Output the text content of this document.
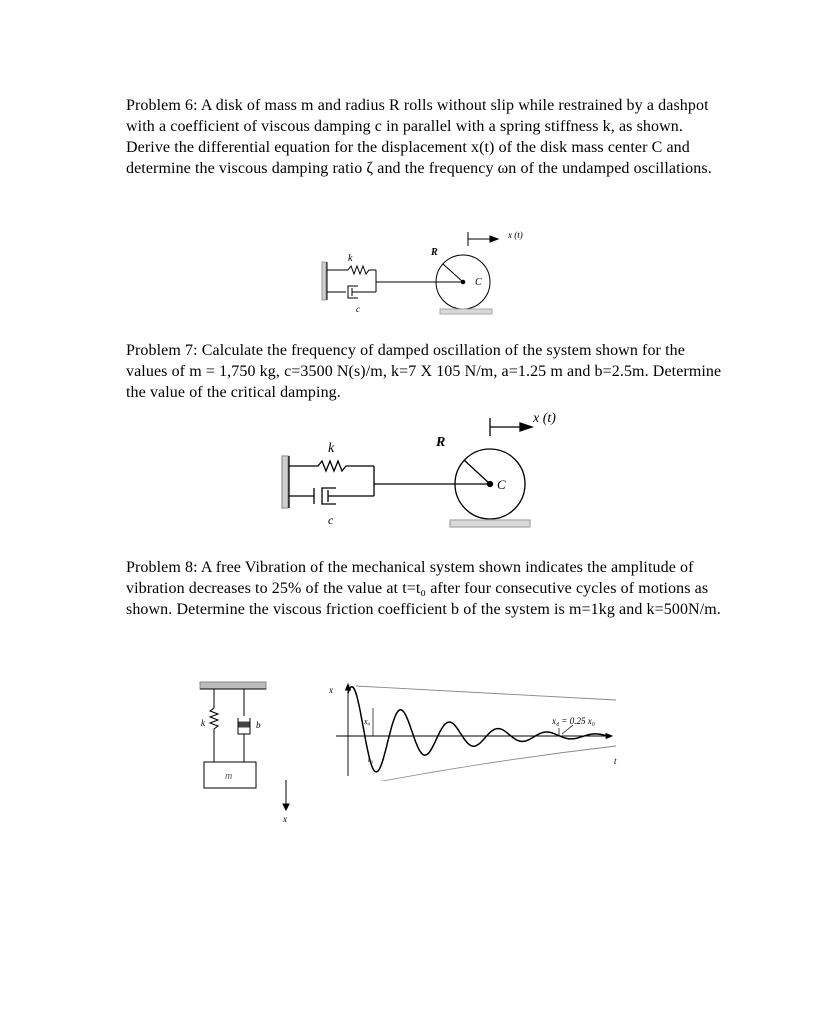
Problem 6: A disk of mass m and radius R rolls without slip while restrained by a dashpot with a coefficient of viscous damping c in parallel with a spring stiffness k, as shown. Derive the differential equation for the displacement x(t) of the disk mass center C and determine the viscous damping ratio ζ and the frequency ωn of the undamped oscillations.
x (t)
R
k
c
C
Problem 7: Calculate the frequency of damped oscillation of the system shown for the values of m = 1,750 kg, c=3500 N(s)/m, k=7 X 105 N/m, a=1.25 m and b=2.5m. Determine the value of the critical damping.
x (t)
R
k
c
C
Problem 8: A free Vibration of the mechanical system shown indicates the amplitude of vibration decreases to 25% of the value at t=t₀ after four consecutive cycles of motions as shown. Determine the viscous friction coefficient b of the system is m=1kg and k=500N/m.
k	b
m
x
x
t
t₀
x₀	x₄ = 0.25 x₀
